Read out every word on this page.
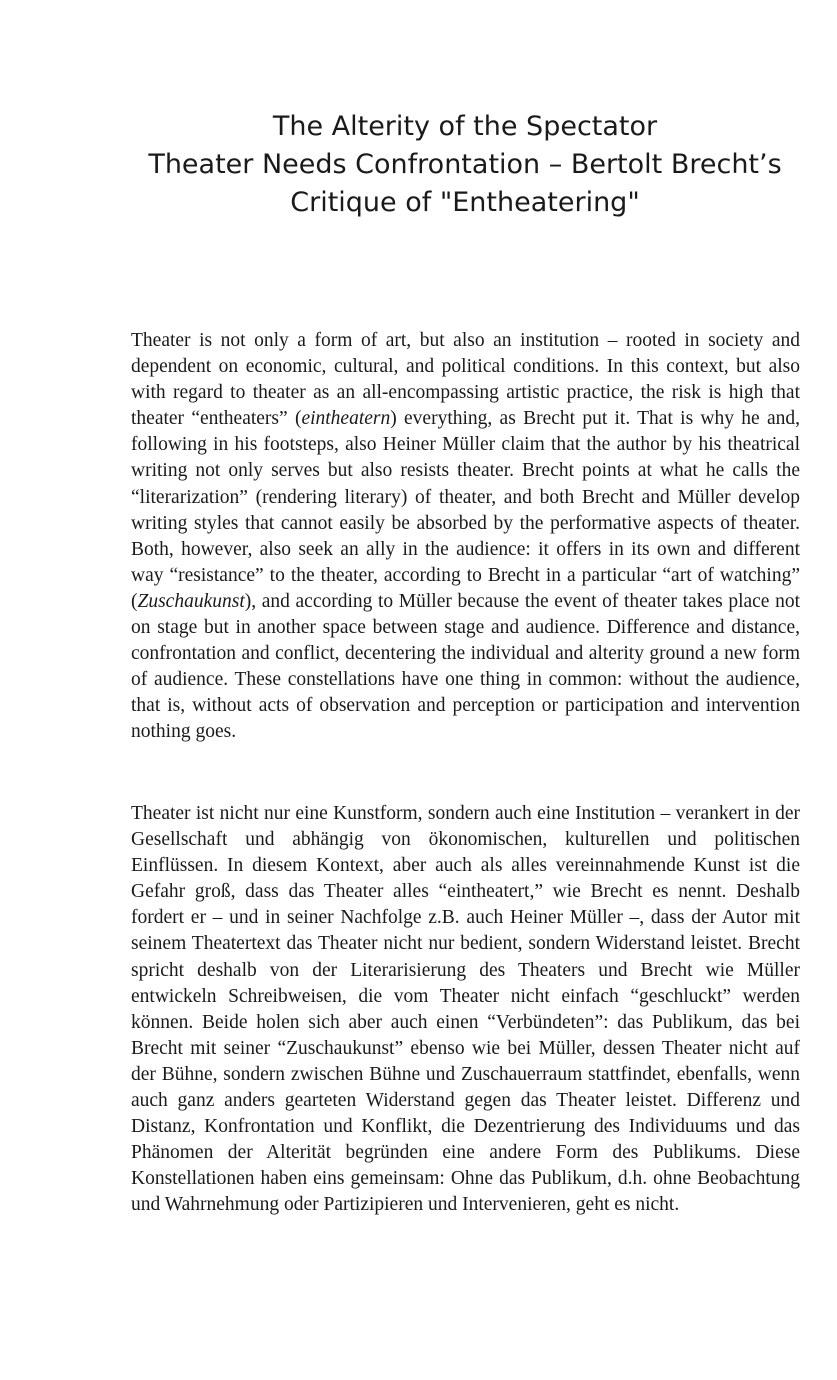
The Alterity of the Spectator
Theater Needs Confrontation – Bertolt Brecht’s
Critique of "Entheatering"

Theater is not only a form of art, but also an institution – rooted in society and dependent on economic, cultural, and political conditions. In this context, but also with regard to theater as an all-encompassing artistic practice, the risk is high that theater “entheaters” (eintheatern) everything, as Brecht put it. That is why he and, following in his footsteps, also Heiner Müller claim that the author by his theatrical writing not only serves but also resists theater. Brecht points at what he calls the “literarization” (rendering literary) of theater, and both Brecht and Müller develop writing styles that cannot easily be absorbed by the performative aspects of theater. Both, however, also seek an ally in the audience: it offers in its own and different way “resistance” to the theater, according to Brecht in a particular “art of watching” (Zuschaukunst), and according to Müller because the event of theater takes place not on stage but in another space between stage and audience. Difference and distance, confrontation and conflict, decentering the individual and alterity ground a new form of audience. These constellations have one thing in common: without the audience, that is, without acts of observation and perception or participation and intervention nothing goes.

Theater ist nicht nur eine Kunstform, sondern auch eine Institution – verankert in der Gesellschaft und abhängig von ökonomischen, kulturellen und politischen Einflüssen. In diesem Kontext, aber auch als alles vereinnahmende Kunst ist die Gefahr groß, dass das Theater alles “eintheatert,” wie Brecht es nennt. Deshalb fordert er – und in seiner Nachfolge z.B. auch Heiner Müller –, dass der Autor mit seinem Theatertext das Theater nicht nur bedient, sondern Widerstand leistet. Brecht spricht deshalb von der Literarisierung des Theaters und Brecht wie Müller entwickeln Schreibweisen, die vom Theater nicht einfach “geschluckt” werden können. Beide holen sich aber auch einen “Verbündeten”: das Publikum, das bei Brecht mit seiner “Zuschaukunst” ebenso wie bei Müller, dessen Theater nicht auf der Bühne, sondern zwischen Bühne und Zuschauerraum stattfindet, ebenfalls, wenn auch ganz anders gearteten Widerstand gegen das Theater leistet. Differenz und Distanz, Konfrontation und Konflikt, die Dezentrierung des Individuums und das Phänomen der Alterität begründen eine andere Form des Publikums. Diese Konstellationen haben eins gemeinsam: Ohne das Publikum, d.h. ohne Beobachtung und Wahrnehmung oder Partizipieren und Intervenieren, geht es nicht.
